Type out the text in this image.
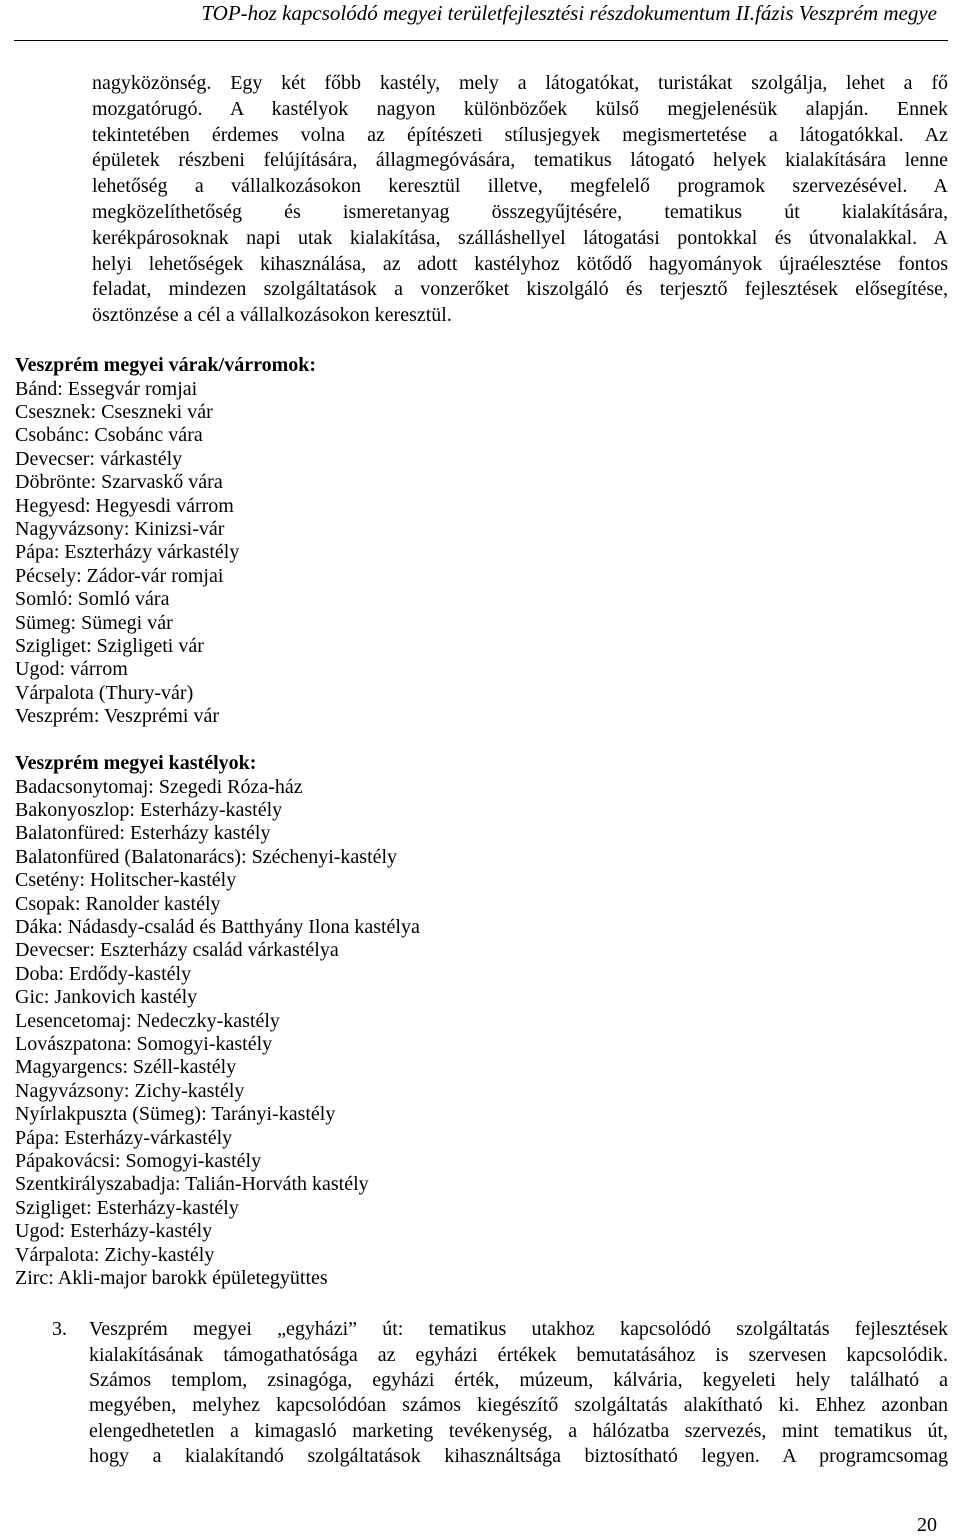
TOP-hoz kapcsolódó megyei területfejlesztési részdokumentum II.fázis Veszprém megye
nagyközönség. Egy két főbb kastély, mely a látogatókat, turistákat szolgálja, lehet a fő
mozgatórugó. A kastélyok nagyon különbözőek külső megjelenésük alapján. Ennek
tekintetében érdemes volna az építészeti stílusjegyek megismertetése a látogatókkal. Az
épületek részbeni felújítására, állagmegóvására, tematikus látogató helyek kialakítására lenne
lehetőség a vállalkozásokon keresztül illetve, megfelelő programok szervezésével. A
megközelíthetőség és ismeretanyag összegyűjtésére, tematikus út kialakítására,
kerékpárosoknak napi utak kialakítása, szálláshellyel látogatási pontokkal és útvonalakkal. A
helyi lehetőségek kihasználása, az adott kastélyhoz kötődő hagyományok újraélesztése fontos
feladat, mindezen szolgáltatások a vonzerőket kiszolgáló és terjesztő fejlesztések elősegítése,
ösztönzése a cél a vállalkozásokon keresztül.
Veszprém megyei várak/várromok:
Bánd: Essegvár romjai
Csesznek: Cseszneki vár
Csobánc: Csobánc vára
Devecser: várkastély
Döbrönte: Szarvaskő vára
Hegyesd: Hegyesdi várrom
Nagyvázsony: Kinizsi-vár
Pápa: Eszterházy várkastély
Pécsely: Zádor-vár romjai
Somló: Somló vára
Sümeg: Sümegi vár
Szigliget: Szigligeti vár
Ugod: várrom
Várpalota (Thury-vár)
Veszprém: Veszprémi vár
Veszprém megyei kastélyok:
Badacsonytomaj: Szegedi Róza-ház
Bakonyoszlop: Esterházy-kastély
Balatonfüred: Esterházy kastély
Balatonfüred (Balatonarács): Széchenyi-kastély
Csetény: Holitscher-kastély
Csopak: Ranolder kastély
Dáka: Nádasdy-család és Batthyány Ilona kastélya
Devecser: Eszterházy család várkastélya
Doba: Erdődy-kastély
Gic: Jankovich kastély
Lesencetomaj: Nedeczky-kastély
Lovászpatona: Somogyi-kastély
Magyargencs: Széll-kastély
Nagyvázsony: Zichy-kastély
Nyírlakpuszta (Sümeg): Tarányi-kastély
Pápa: Esterházy-várkastély
Pápakovácsi: Somogyi-kastély
Szentkirályszabadja: Talián-Horváth kastély
Szigliget: Esterházy-kastély
Ugod: Esterházy-kastély
Várpalota: Zichy-kastély
Zirc: Akli-major barokk épületegyüttes
3. Veszprém megyei „egyházi” út: tematikus utakhoz kapcsolódó szolgáltatás fejlesztések
kialakításának támogathatósága az egyházi értékek bemutatásához is szervesen kapcsolódik.
Számos templom, zsinagóga, egyházi érték, múzeum, kálvária, kegyeleti hely található a
megyében, melyhez kapcsolódóan számos kiegészítő szolgáltatás alakítható ki. Ehhez azonban
elengedhetetlen a kimagasló marketing tevékenység, a hálózatba szervezés, mint tematikus út,
hogy a kialakítandó szolgáltatások kihasználtsága biztosítható legyen. A programcsomag
20
